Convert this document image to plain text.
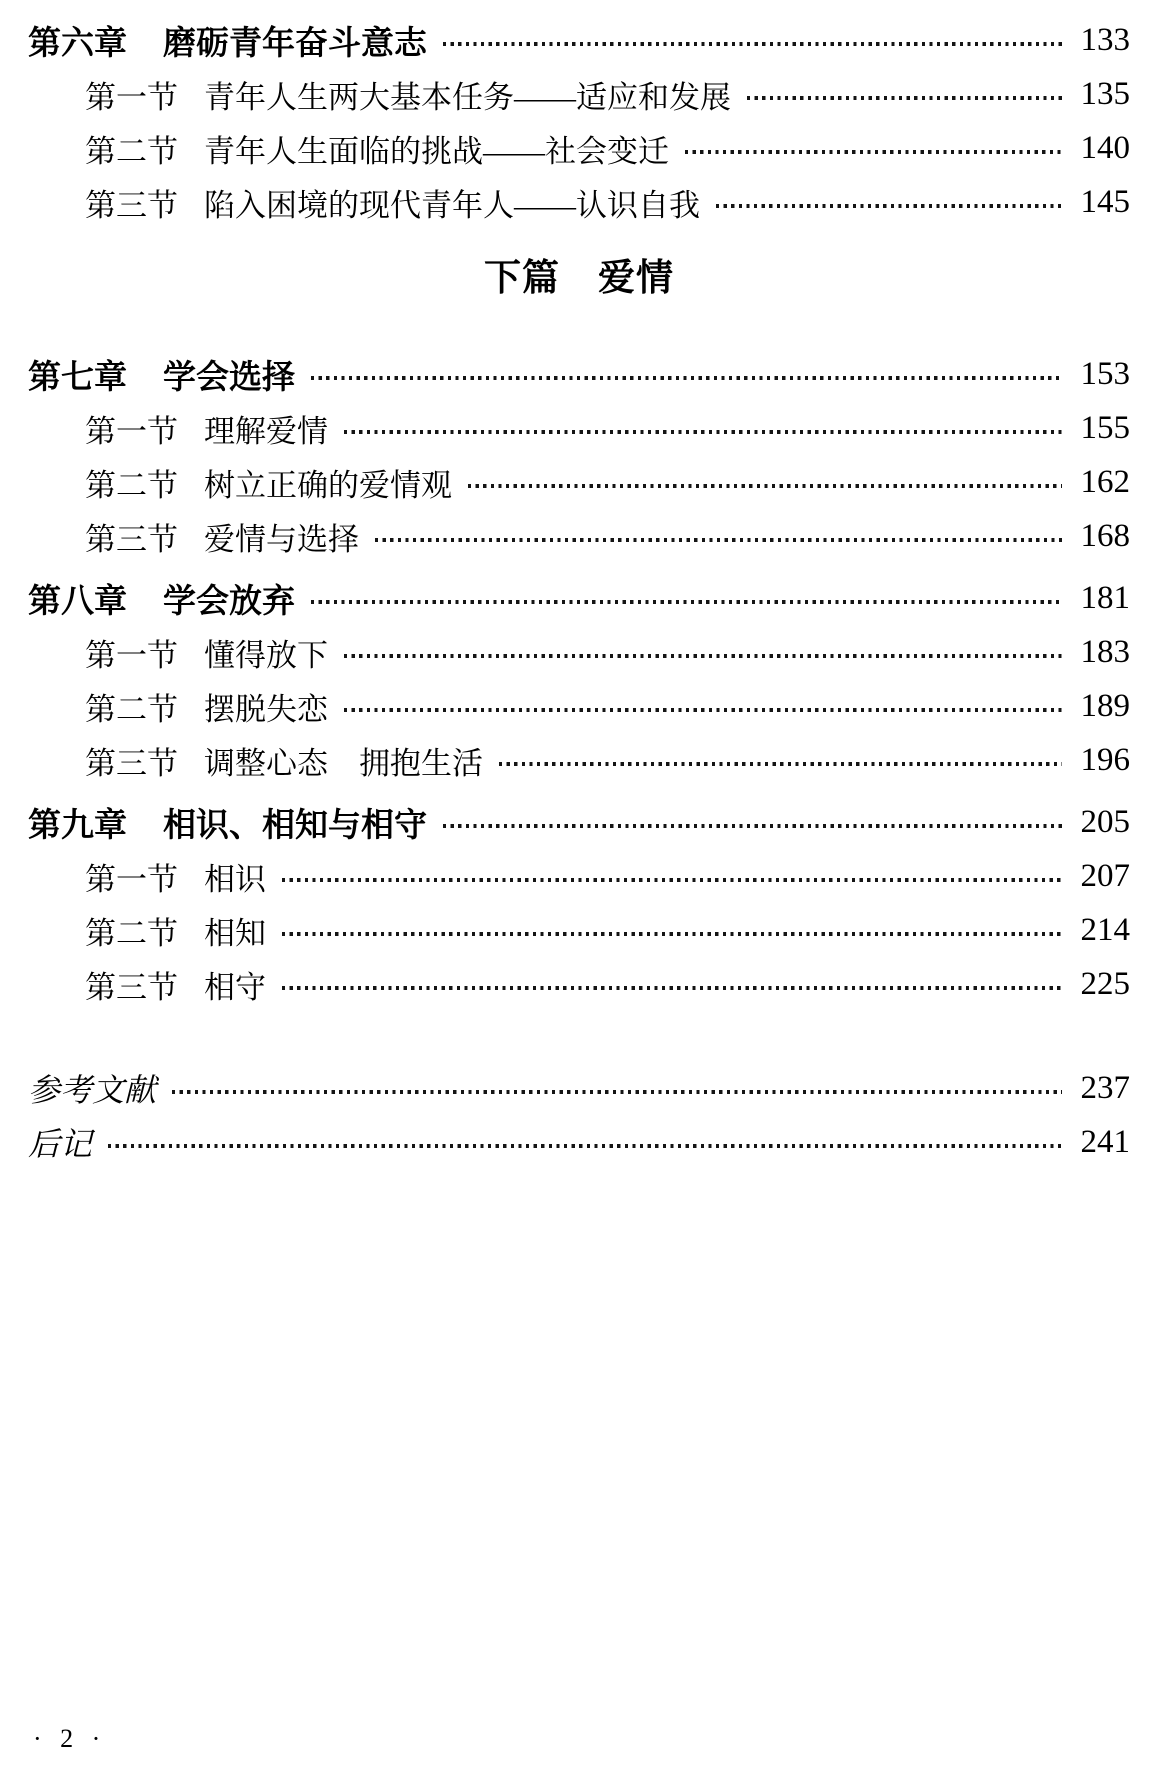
第六章 磨砺青年奋斗意志	133
第一节 青年人生两大基本任务——适应和发展	135
第二节 青年人生面临的挑战——社会变迁	140
第三节 陷入困境的现代青年人——认识自我	145
下篇　爱情
第七章 学会选择	153
第一节 理解爱情	155
第二节 树立正确的爱情观	162
第三节 爱情与选择	168
第八章 学会放弃	181
第一节 懂得放下	183
第二节 摆脱失恋	189
第三节 调整心态　拥抱生活	196
第九章 相识、相知与相守	205
第一节 相识	207
第二节 相知	214
第三节 相守	225
参考文献	237
后记	241
· 2 ·
